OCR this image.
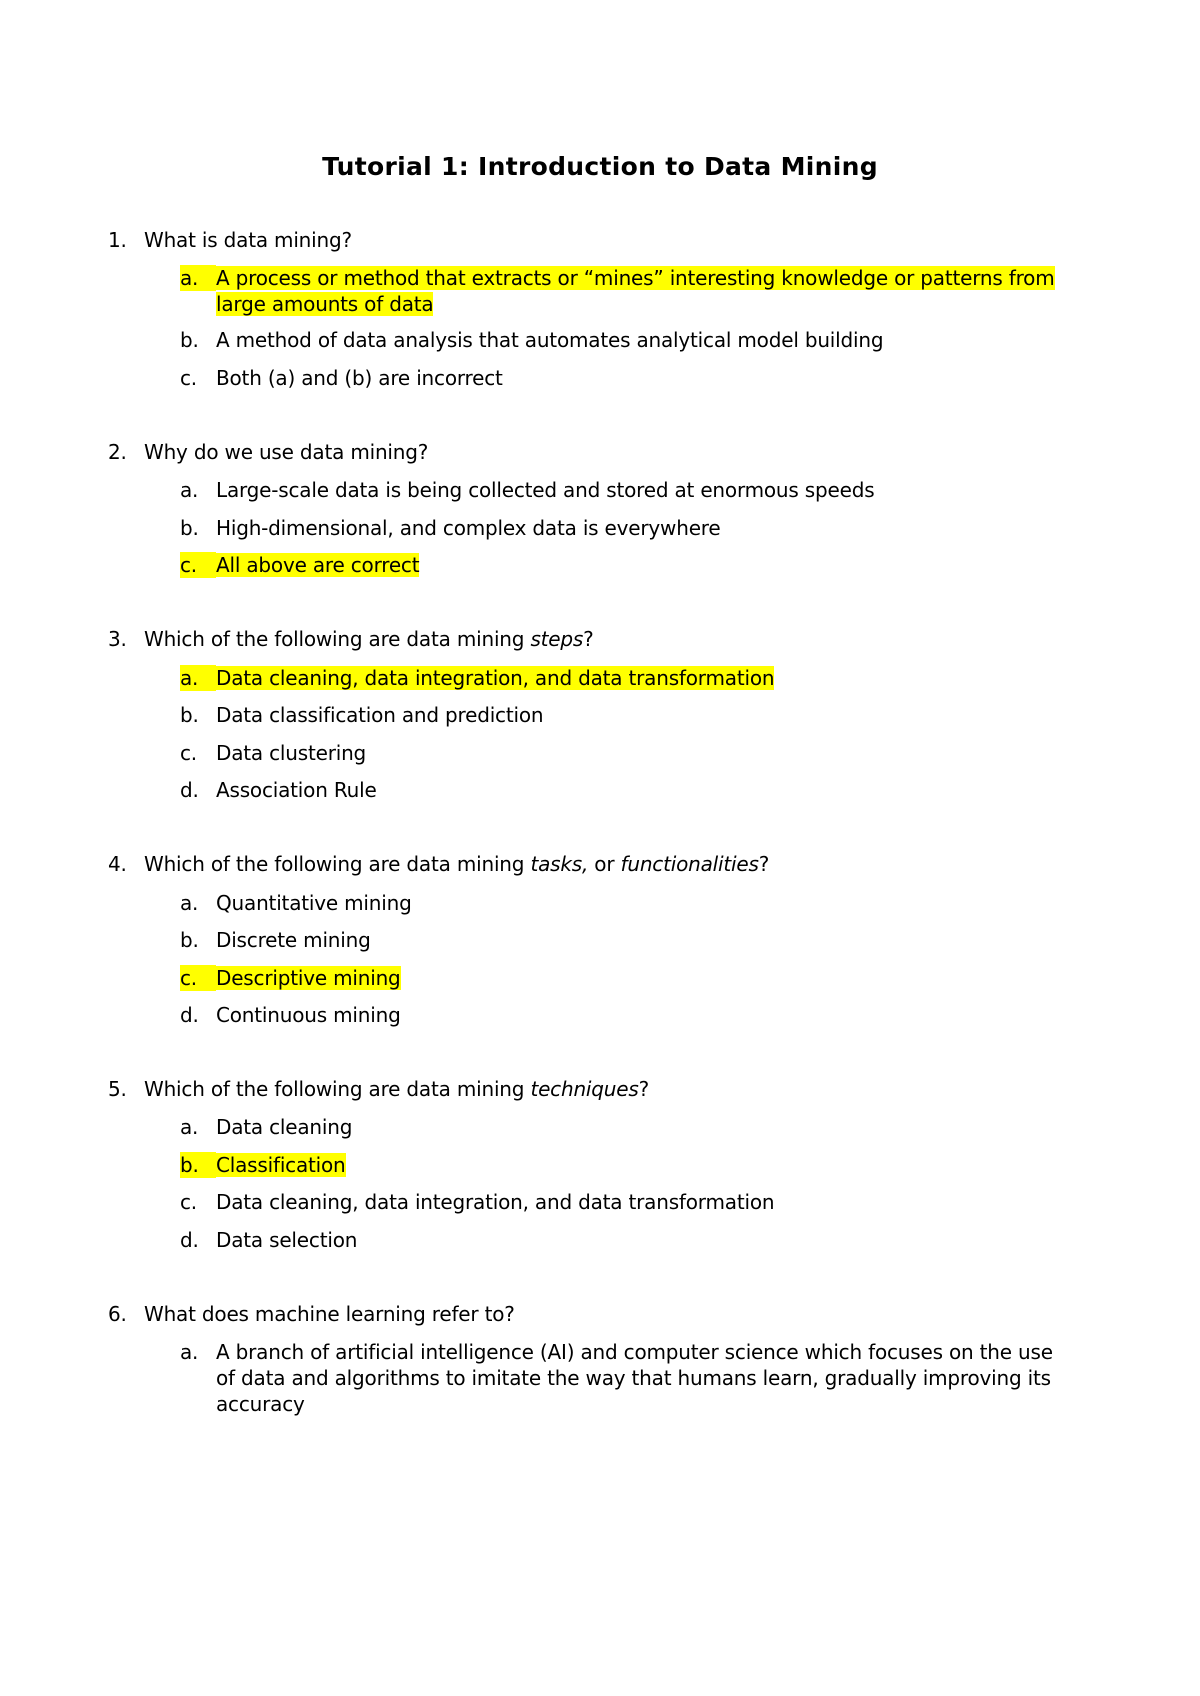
Tutorial 1: Introduction to Data Mining
1. What is data mining?
a. A process or method that extracts or “mines” interesting knowledge or patterns from large amounts of data
b. A method of data analysis that automates analytical model building
c. Both (a) and (b) are incorrect
2. Why do we use data mining?
a. Large-scale data is being collected and stored at enormous speeds
b. High-dimensional, and complex data is everywhere
c. All above are correct
3. Which of the following are data mining steps?
a. Data cleaning, data integration, and data transformation
b. Data classification and prediction
c. Data clustering
d. Association Rule
4. Which of the following are data mining tasks, or functionalities?
a. Quantitative mining
b. Discrete mining
c. Descriptive mining
d. Continuous mining
5. Which of the following are data mining techniques?
a. Data cleaning
b. Classification
c. Data cleaning, data integration, and data transformation
d. Data selection
6. What does machine learning refer to?
a. A branch of artificial intelligence (AI) and computer science which focuses on the use of data and algorithms to imitate the way that humans learn, gradually improving its accuracy
